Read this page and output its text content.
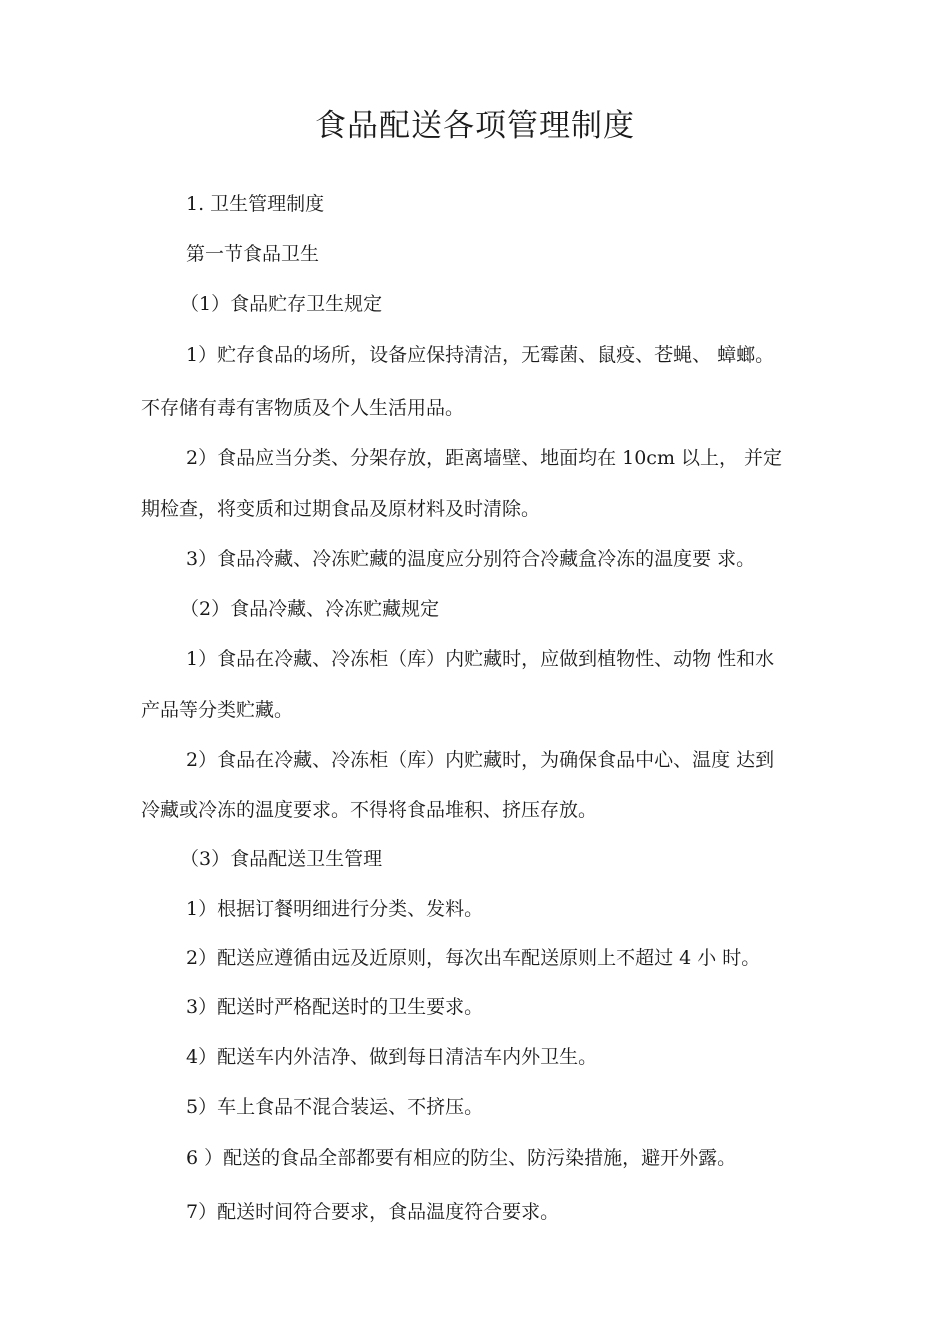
食品配送各项管理制度
1. 卫生管理制度
第一节食品卫生
（1）食品贮存卫生规定
1）贮存食品的场所，设备应保持清洁，无霉菌、鼠疫、苍蝇、 蟑螂。
不存储有毒有害物质及个人生活用品。
2）食品应当分类、分架存放，距离墙壁、地面均在 10cm 以上， 并定
期检查，将变质和过期食品及原材料及时清除。
3）食品冷藏、冷冻贮藏的温度应分别符合冷藏盒冷冻的温度要 求。
（2）食品冷藏、冷冻贮藏规定
1）食品在冷藏、冷冻柜（库）内贮藏时，应做到植物性、动物 性和水
产品等分类贮藏。
2）食品在冷藏、冷冻柜（库）内贮藏时，为确保食品中心、温度 达到
冷藏或冷冻的温度要求。不得将食品堆积、挤压存放。
（3）食品配送卫生管理
1）根据订餐明细进行分类、发料。
2）配送应遵循由远及近原则，每次出车配送原则上不超过 4 小 时。
3）配送时严格配送时的卫生要求。
4）配送车内外洁净、做到每日清洁车内外卫生。
5）车上食品不混合装运、不挤压。
6 ）配送的食品全部都要有相应的防尘、防污染措施，避开外露。
7）配送时间符合要求，食品温度符合要求。
